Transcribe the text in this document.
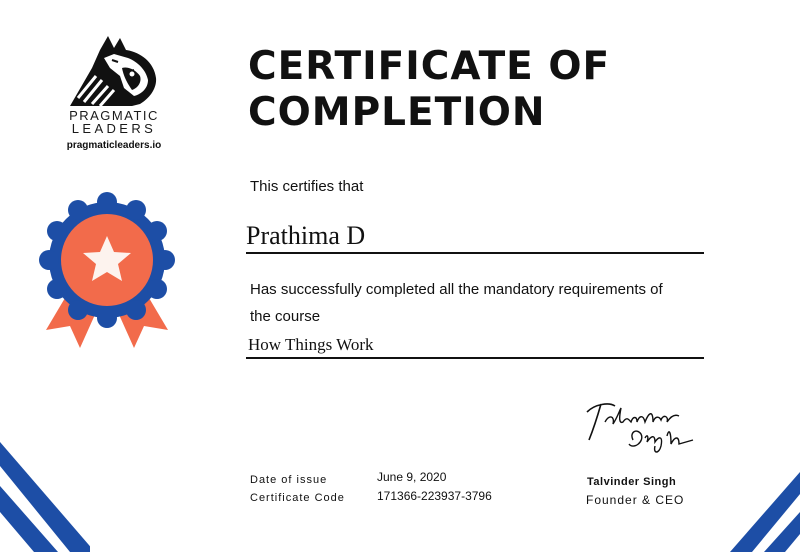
PRAGMATIC
LEADERS
pragmaticleaders.io
CERTIFICATE OF
COMPLETION
This certifies that
Prathima D
Has successfully completed all the mandatory requirements of the course
How Things Work
Date of issue	June 9, 2020
Certificate Code	171366-223937-3796
Talvinder Singh
Founder & CEO
